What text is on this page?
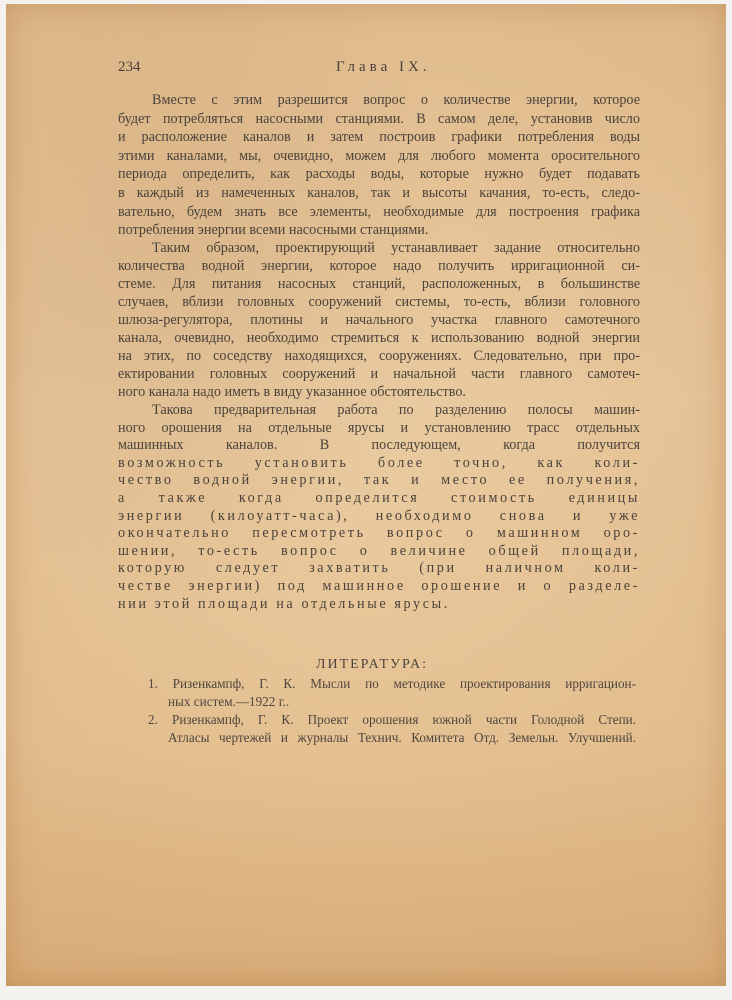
234	Глава IX.
Вместе с этим разрешится вопрос о количестве энергии, которое
будет потребляться насосными станциями. В самом деле, установив число
и расположение каналов и затем построив графики потребления воды
этими каналами, мы, очевидно, можем для любого момента оросительного
периода определить, как расходы воды, которые нужно будет подавать
в каждый из намеченных каналов, так и высоты качания, то-есть, следо-
вательно, будем знать все элементы, необходимые для построения графика
потребления энергии всеми насосными станциями.
Таким образом, проектирующий устанавливает задание относительно
количества водной энергии, которое надо получить ирригационной си-
стеме. Для питания насосных станций, расположенных, в большинстве
случаев, вблизи головных сооружений системы, то-есть, вблизи головного
шлюза-регулятора, плотины и начального участка главного самотечного
канала, очевидно, необходимо стремиться к использованию водной энергии
на этих, по соседству находящихся, сооружениях. Следовательно, при про-
ектировании головных сооружений и начальной части главного самотеч-
ного канала надо иметь в виду указанное обстоятельство.
Такова предварительная работа по разделению полосы машин-
ного орошения на отдельные ярусы и установлению трасс отдельных
машинных каналов. В последующем, когда получится
возможность установить более точно, как коли-
чество водной энергии, так и место ее получения,
а также когда определится стоимость единицы
энергии (килоуатт-часа), необходимо снова и уже
окончательно пересмотреть вопрос о машинном оро-
шении, то-есть вопрос о величине общей площади,
которую следует захватить (при наличном коли-
честве энергии) под машинное орошение и о разделе-
нии этой площади на отдельные ярусы.
ЛИТЕРАТУРА:
1. Ризенкампф, Г. К. Мысли по методике проектирования ирригацион-
ных систем.—1922 г..
2. Ризенкампф, Г. К. Проект орошения южной части Голодной Степи.
Атласы чертежей и журналы Технич. Комитета Отд. Земельн. Улучшений.
